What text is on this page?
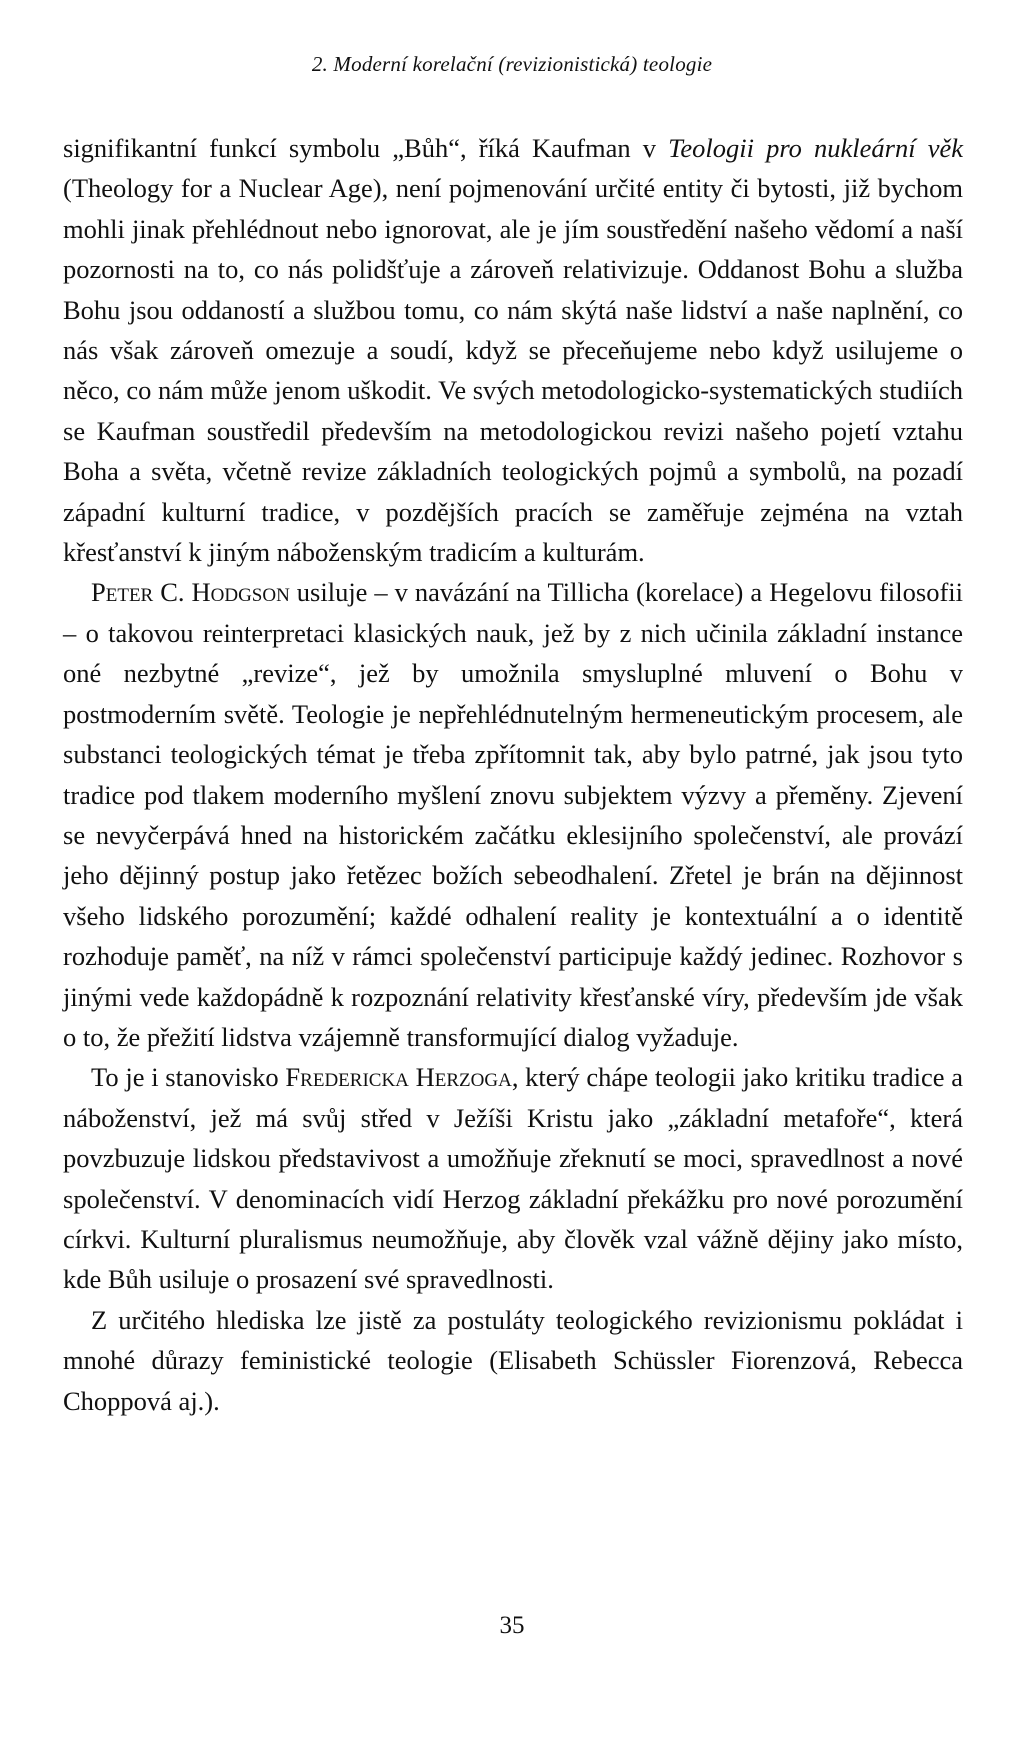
2. Moderní korelační (revizionistická) teologie

signifikantní funkcí symbolu „Bůh“, říká Kaufman v Teologii pro nukleární věk (Theology for a Nuclear Age), není pojmenování určité entity či bytosti, již bychom mohli jinak přehlédnout nebo ignorovat, ale je jím soustředění našeho vědomí a naší pozornosti na to, co nás polidšťuje a zároveň relativizuje. Oddanost Bohu a služba Bohu jsou oddaností a službou tomu, co nám skýtá naše lidství a naše naplnění, co nás však zároveň omezuje a soudí, když se přeceňujeme nebo když usilujeme o něco, co nám může jenom uškodit. Ve svých metodologicko-systematických studiích se Kaufman soustředil především na metodologickou revizi našeho pojetí vztahu Boha a světa, včetně revize základních teologických pojmů a symbolů, na pozadí západní kulturní tradice, v pozdějších pracích se zaměřuje zejména na vztah křesťanství k jiným náboženským tradicím a kulturám.

Peter C. Hodgson usiluje – v navázání na Tillicha (korelace) a Hegelovu filosofii – o takovou reinterpretaci klasických nauk, jež by z nich učinila základní instance oné nezbytné „revize“, jež by umožnila smysluplné mluvení o Bohu v postmoderním světě. Teologie je nepřehlédnutelným hermeneutickým procesem, ale substanci teologických témat je třeba zpřítomnit tak, aby bylo patrné, jak jsou tyto tradice pod tlakem moderního myšlení znovu subjektem výzvy a přeměny. Zjevení se nevyčerpává hned na historickém začátku eklesijního společenství, ale provází jeho dějinný postup jako řetězec božích sebeodhalení. Zřetel je brán na dějinnost všeho lidského porozumění; každé odhalení reality je kontextuální a o identitě rozhoduje paměť, na níž v rámci společenství participuje každý jedinec. Rozhovor s jinými vede každopádně k rozpoznání relativity křesťanské víry, především jde však o to, že přežití lidstva vzájemně transformující dialog vyžaduje.

To je i stanovisko Fredericka Herzoga, který chápe teologii jako kritiku tradice a náboženství, jež má svůj střed v Ježíši Kristu jako „základní metafoře“, která povzbuzuje lidskou představivost a umožňuje zřeknutí se moci, spravedlnost a nové společenství. V denominacích vidí Herzog základní překážku pro nové porozumění církvi. Kulturní pluralismus neumožňuje, aby člověk vzal vážně dějiny jako místo, kde Bůh usiluje o prosazení své spravedlnosti.

Z určitého hlediska lze jistě za postuláty teologického revizionismu pokládat i mnohé důrazy feministické teologie (Elisabeth Schüssler Fiorenzová, Rebecca Choppová aj.).

35
